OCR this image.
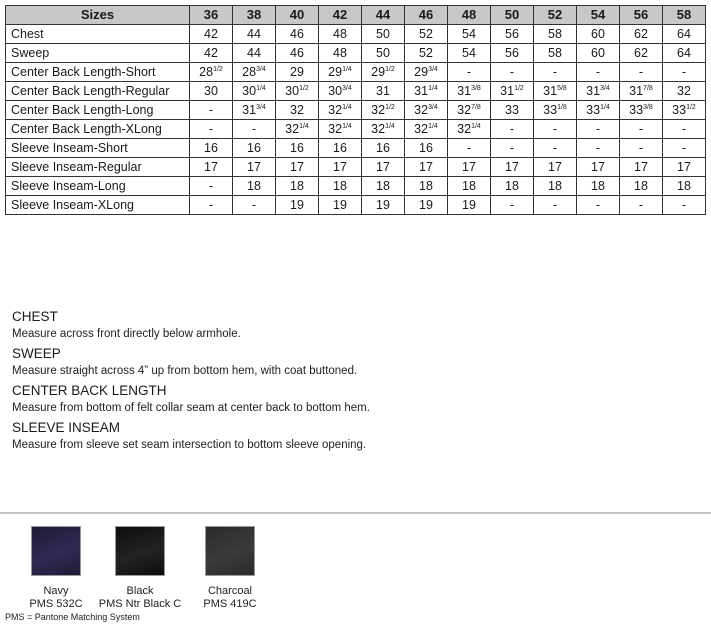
Sizes	36	38	40	42	44	46	48	50	52	54	56	58
Chest	42	44	46	48	50	52	54	56	58	60	62	64
Sweep	42	44	46	48	50	52	54	56	58	60	62	64
Center Back Length-Short	$28^{1/2}$	$28^{3/4}$	29	$29^{1/4}$	$29^{1/2}$	$29^{3/4}$	-	-	-	-	-	-
Center Back Length-Regular	30	$30^{1/4}$	$30^{1/2}$	$30^{3/4}$	31	$31^{1/4}$	$31^{3/8}$	$31^{1/2}$	$31^{5/8}$	$31^{3/4}$	$31^{7/8}$	32
Center Back Length-Long	-	$31^{3/4}$	32	$32^{1/4}$	$32^{1/2}$	$32^{3/4}$	$32^{7/8}$	33	$33^{1/8}$	$33^{1/4}$	$33^{3/8}$	$33^{1/2}$
Center Back Length-XLong	-	-	$32^{1/4}$	$32^{1/4}$	$32^{1/4}$	$32^{1/4}$	$32^{1/4}$	-	-	-	-	-
Sleeve Inseam-Short	16	16	16	16	16	16	-	-	-	-	-	-
Sleeve Inseam-Regular	17	17	17	17	17	17	17	17	17	17	17	17
Sleeve Inseam-Long	-	18	18	18	18	18	18	18	18	18	18	18
Sleeve Inseam-XLong	-	-	19	19	19	19	19	-	-	-	-	-

CHEST

Measure across front directly below armhole.

SWEEP

Measure straight across 4” up from bottom hem, with coat buttoned.

CENTER BACK LENGTH

Measure from bottom of felt collar seam at center back to bottom hem.

SLEEVE INSEAM

Measure from sleeve set seam intersection to bottom sleeve opening.

Navy
PMS 532C
Black
PMS Ntr Black C
Charcoal
PMS 419C
PMS = Pantone Matching System
